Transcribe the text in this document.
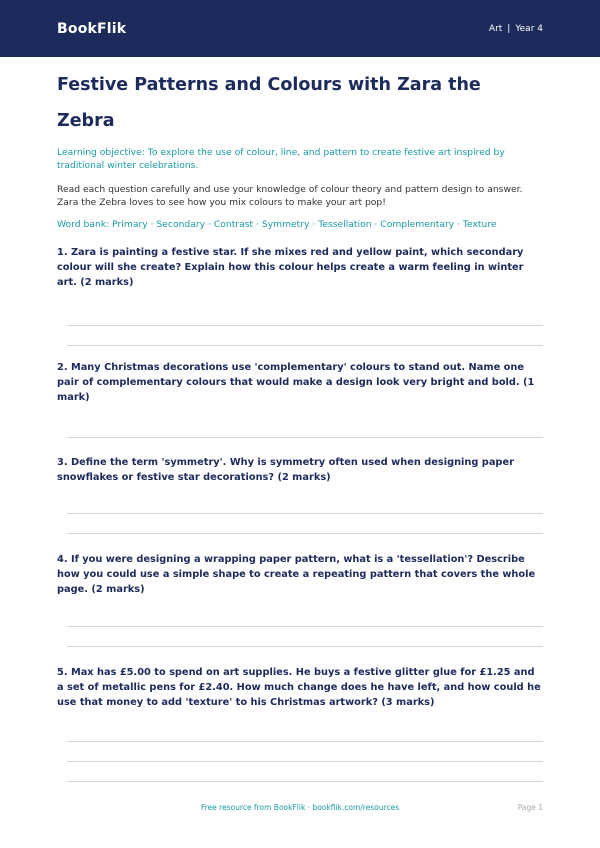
BookFlik	Art | Year 4
Festive Patterns and Colours with Zara the Zebra
Learning objective: To explore the use of colour, line, and pattern to create festive art inspired by traditional winter celebrations.
Read each question carefully and use your knowledge of colour theory and pattern design to answer. Zara the Zebra loves to see how you mix colours to make your art pop!
Word bank: Primary · Secondary · Contrast · Symmetry · Tessellation · Complementary · Texture
1. Zara is painting a festive star. If she mixes red and yellow paint, which secondary colour will she create? Explain how this colour helps create a warm feeling in winter art. (2 marks)
2. Many Christmas decorations use 'complementary' colours to stand out. Name one pair of complementary colours that would make a design look very bright and bold. (1 mark)
3. Define the term 'symmetry'. Why is symmetry often used when designing paper snowflakes or festive star decorations? (2 marks)
4. If you were designing a wrapping paper pattern, what is a 'tessellation'? Describe how you could use a simple shape to create a repeating pattern that covers the whole page. (2 marks)
5. Max has £5.00 to spend on art supplies. He buys a festive glitter glue for £1.25 and a set of metallic pens for £2.40. How much change does he have left, and how could he use that money to add 'texture' to his Christmas artwork? (3 marks)
Free resource from BookFlik · bookflik.com/resources	Page 1
